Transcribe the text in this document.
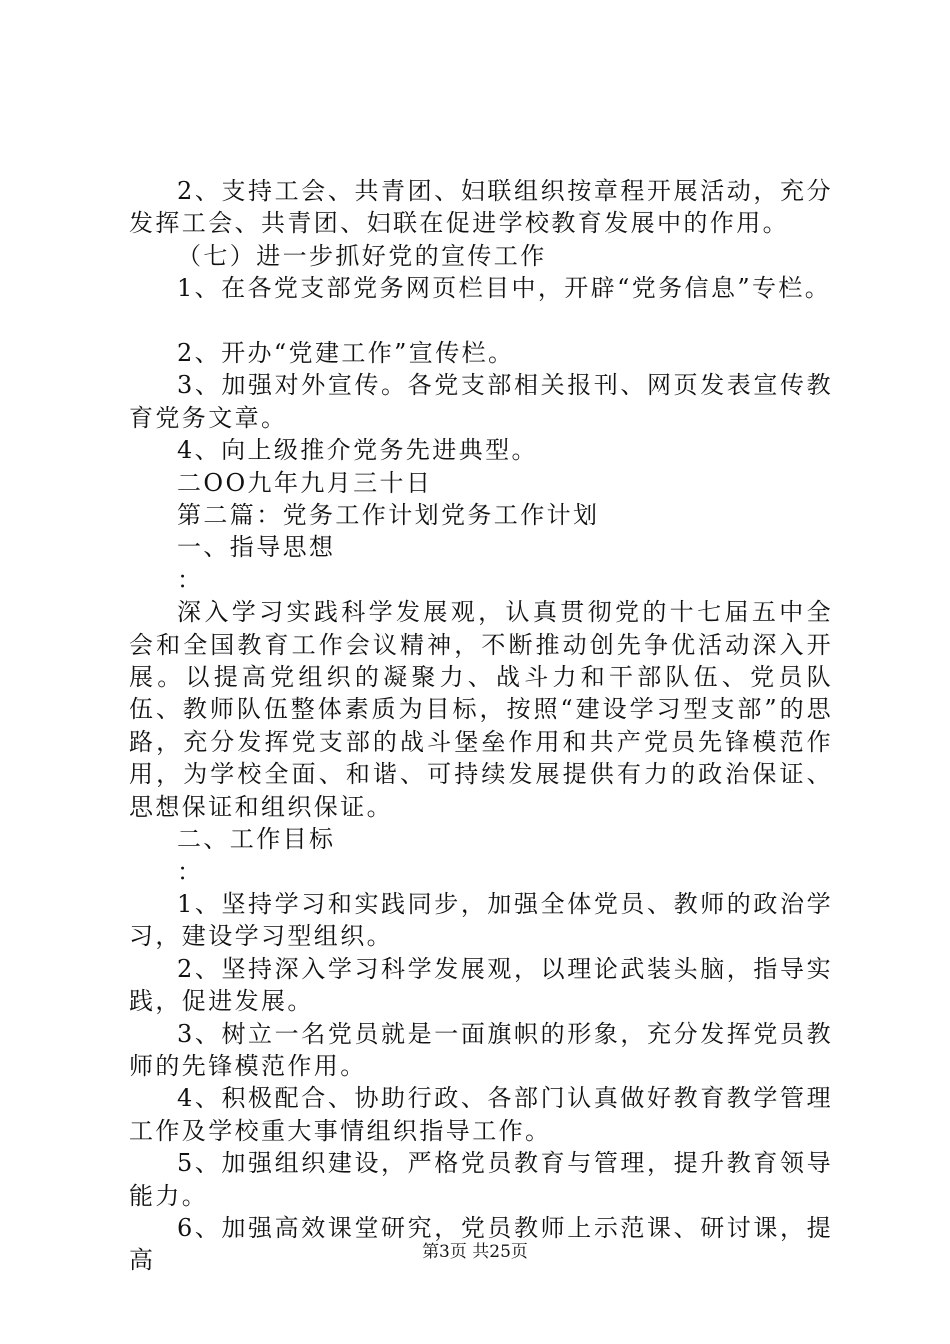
2、支持工会、共青团、妇联组织按章程开展活动，充分发挥工会、共青团、妇联在促进学校教育发展中的作用。

（七）进一步抓好党的宣传工作

1、在各党支部党务网页栏目中，开辟“党务信息”专栏。

2、开办“党建工作”宣传栏。

3、加强对外宣传。各党支部相关报刊、网页发表宣传教育党务文章。

4、向上级推介党务先进典型。

二OO九年九月三十日

第二篇：党务工作计划党务工作计划

一、指导思想

：

深入学习实践科学发展观，认真贯彻党的十七届五中全会和全国教育工作会议精神，不断推动创先争优活动深入开展。以提高党组织的凝聚力、战斗力和干部队伍、党员队伍、教师队伍整体素质为目标，按照“建设学习型支部”的思路，充分发挥党支部的战斗堡垒作用和共产党员先锋模范作用，为学校全面、和谐、可持续发展提供有力的政治保证、思想保证和组织保证。

二、工作目标

：

1、坚持学习和实践同步，加强全体党员、教师的政治学习，建设学习型组织。

2、坚持深入学习科学发展观，以理论武装头脑，指导实践，促进发展。

3、树立一名党员就是一面旗帜的形象，充分发挥党员教师的先锋模范作用。

4、积极配合、协助行政、各部门认真做好教育教学管理工作及学校重大事情组织指导工作。

5、加强组织建设，严格党员教育与管理，提升教育领导能力。

6、加强高效课堂研究，党员教师上示范课、研讨课，提高	第3页 共25页
